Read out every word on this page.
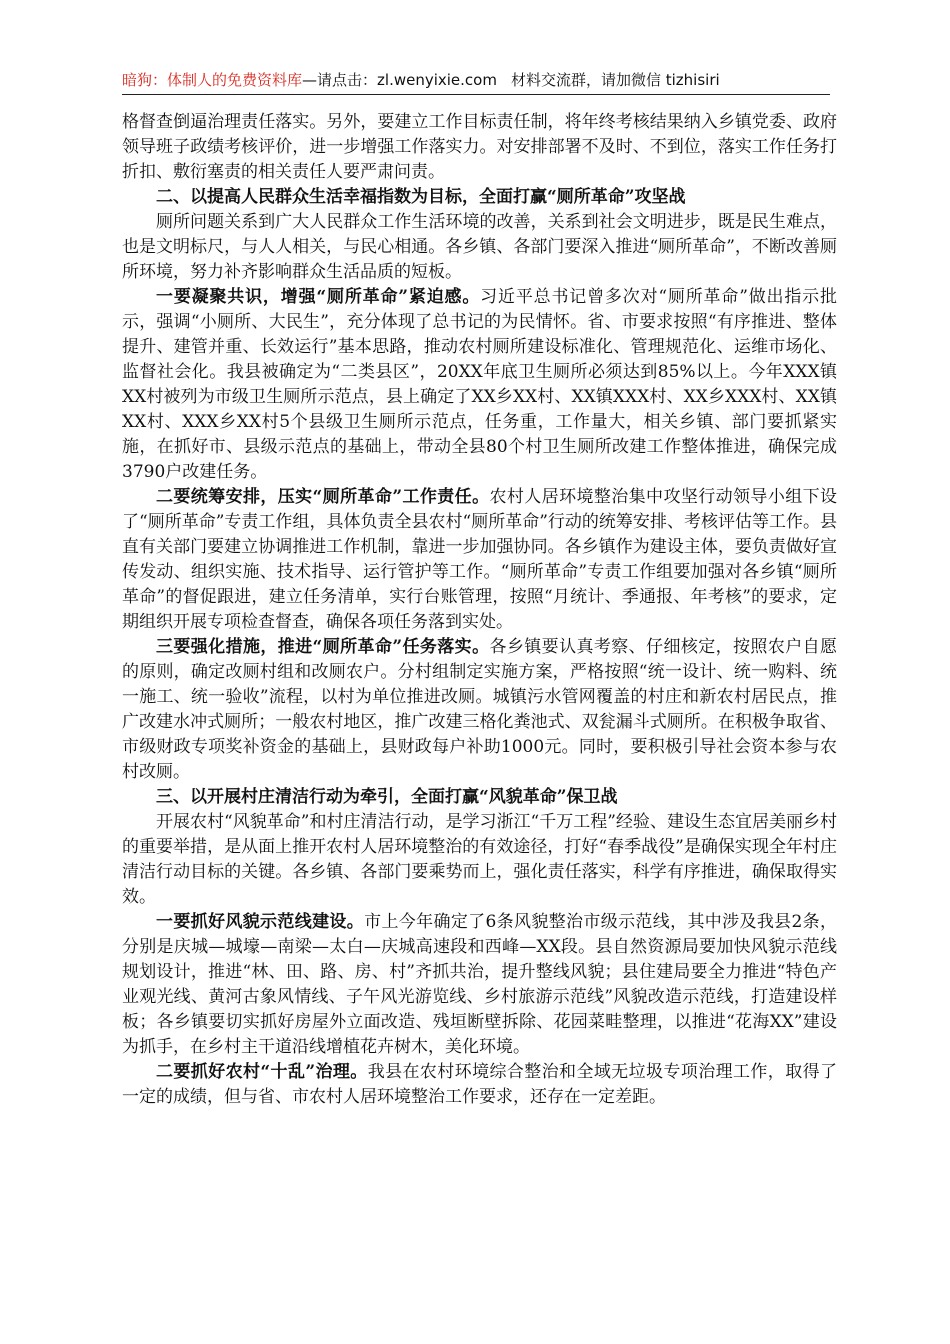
暗狗：体制人的免费资料库—请点击：zl.wenyixie.com 材料交流群，请加微信 tizhisiri

格督查倒逼治理责任落实。另外，要建立工作目标责任制，将年终考核结果纳入乡镇党委、政府领导班子政绩考核评价，进一步增强工作落实力。对安排部署不及时、不到位，落实工作任务打折扣、敷衍塞责的相关责任人要严肃问责。

二、以提高人民群众生活幸福指数为目标，全面打赢“厕所革命”攻坚战

厕所问题关系到广大人民群众工作生活环境的改善，关系到社会文明进步，既是民生难点，也是文明标尺，与人人相关，与民心相通。各乡镇、各部门要深入推进“厕所革命”，不断改善厕所环境，努力补齐影响群众生活品质的短板。

一要凝聚共识，增强“厕所革命”紧迫感。习近平总书记曾多次对“厕所革命”做出指示批示，强调“小厕所、大民生”，充分体现了总书记的为民情怀。省、市要求按照“有序推进、整体提升、建管并重、长效运行”基本思路，推动农村厕所建设标准化、管理规范化、运维市场化、监督社会化。我县被确定为“二类县区”，20XX年底卫生厕所必须达到85%以上。今年XXX镇XX村被列为市级卫生厕所示范点，县上确定了XX乡XX村、XX镇XXX村、XX乡XXX村、XX镇XX村、XXX乡XX村5个县级卫生厕所示范点，任务重，工作量大，相关乡镇、部门要抓紧实施，在抓好市、县级示范点的基础上，带动全县80个村卫生厕所改建工作整体推进，确保完成3790户改建任务。

二要统筹安排，压实“厕所革命”工作责任。农村人居环境整治集中攻坚行动领导小组下设了“厕所革命”专责工作组，具体负责全县农村“厕所革命”行动的统筹安排、考核评估等工作。县直有关部门要建立协调推进工作机制，靠进一步加强协同。各乡镇作为建设主体，要负责做好宣传发动、组织实施、技术指导、运行管护等工作。“厕所革命”专责工作组要加强对各乡镇“厕所革命”的督促跟进，建立任务清单，实行台账管理，按照“月统计、季通报、年考核”的要求，定期组织开展专项检查督查，确保各项任务落到实处。

三要强化措施，推进“厕所革命”任务落实。各乡镇要认真考察、仔细核定，按照农户自愿的原则，确定改厕村组和改厕农户。分村组制定实施方案，严格按照“统一设计、统一购料、统一施工、统一验收”流程，以村为单位推进改厕。城镇污水管网覆盖的村庄和新农村居民点，推广改建水冲式厕所；一般农村地区，推广改建三格化粪池式、双瓮漏斗式厕所。在积极争取省、市级财政专项奖补资金的基础上，县财政每户补助1000元。同时，要积极引导社会资本参与农村改厕。

三、以开展村庄清洁行动为牵引，全面打赢“风貌革命”保卫战

开展农村“风貌革命”和村庄清洁行动，是学习浙江“千万工程”经验、建设生态宜居美丽乡村的重要举措，是从面上推开农村人居环境整治的有效途径，打好“春季战役”是确保实现全年村庄清洁行动目标的关键。各乡镇、各部门要乘势而上，强化责任落实，科学有序推进，确保取得实效。

一要抓好风貌示范线建设。市上今年确定了6条风貌整治市级示范线，其中涉及我县2条，分别是庆城—城壕—南梁—太白—庆城高速段和西峰—XX段。县自然资源局要加快风貌示范线规划设计，推进“林、田、路、房、村”齐抓共治，提升整线风貌；县住建局要全力推进“特色产业观光线、黄河古象风情线、子午风光游览线、乡村旅游示范线”风貌改造示范线，打造建设样板；各乡镇要切实抓好房屋外立面改造、残垣断壁拆除、花园菜畦整理，以推进“花海XX”建设为抓手，在乡村主干道沿线增植花卉树木，美化环境。

二要抓好农村“十乱”治理。我县在农村环境综合整治和全域无垃圾专项治理工作，取得了一定的成绩，但与省、市农村人居环境整治工作要求，还存在一定差距。
